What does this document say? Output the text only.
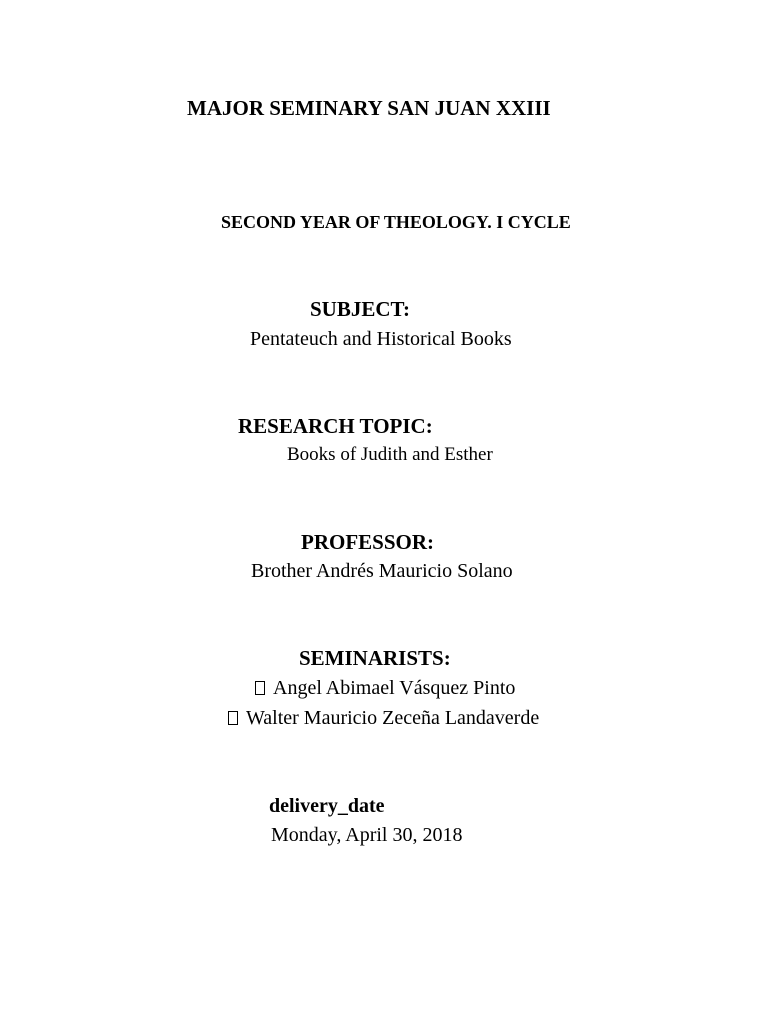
MAJOR SEMINARY SAN JUAN XXIII
SECOND YEAR OF THEOLOGY. I CYCLE
SUBJECT:
Pentateuch and Historical Books
RESEARCH TOPIC:
Books of Judith and Esther
PROFESSOR:
Brother Andrés Mauricio Solano
SEMINARISTS:
Angel Abimael Vásquez Pinto
Walter Mauricio Zeceña Landaverde
delivery_date
Monday, April 30, 2018
